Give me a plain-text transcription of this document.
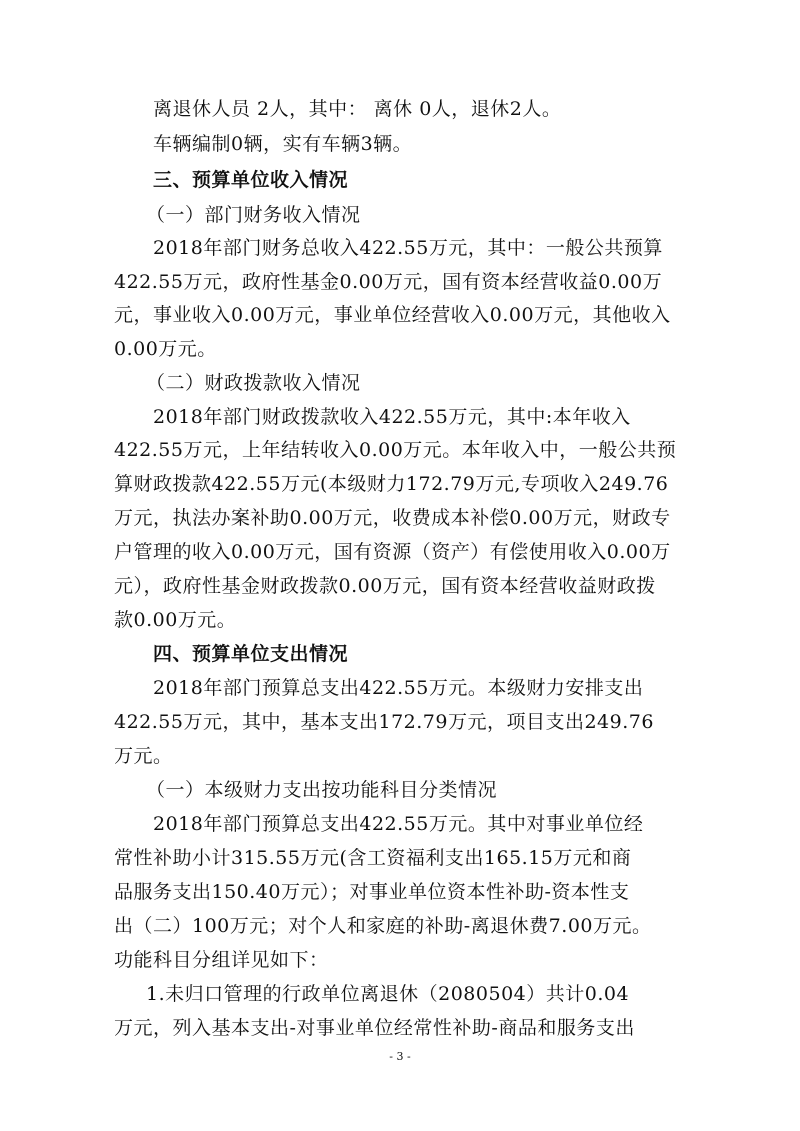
离退休人员 2人，其中： 离休 0人，退休2人。
车辆编制0辆，实有车辆3辆。
三、预算单位收入情况
（一）部门财务收入情况
2018年部门财务总收入422.55万元，其中：一般公共预算
422.55万元，政府性基金0.00万元，国有资本经营收益0.00万
元，事业收入0.00万元，事业单位经营收入0.00万元，其他收入
0.00万元。
（二）财政拨款收入情况
2018年部门财政拨款收入422.55万元，其中:本年收入
422.55万元，上年结转收入0.00万元。本年收入中，一般公共预
算财政拨款422.55万元(本级财力172.79万元,专项收入249.76
万元，执法办案补助0.00万元，收费成本补偿0.00万元，财政专
户管理的收入0.00万元，国有资源（资产）有偿使用收入0.00万
元），政府性基金财政拨款0.00万元，国有资本经营收益财政拨
款0.00万元。
四、预算单位支出情况
2018年部门预算总支出422.55万元。本级财力安排支出
422.55万元，其中，基本支出172.79万元，项目支出249.76
万元。
（一）本级财力支出按功能科目分类情况
2018年部门预算总支出422.55万元。其中对事业单位经
常性补助小计315.55万元(含工资福利支出165.15万元和商
品服务支出150.40万元）；对事业单位资本性补助-资本性支
出（二）100万元；对个人和家庭的补助-离退休费7.00万元。
功能科目分组详见如下：
1.未归口管理的行政单位离退休（2080504）共计0.04
万元，列入基本支出-对事业单位经常性补助-商品和服务支出
- 3 -
